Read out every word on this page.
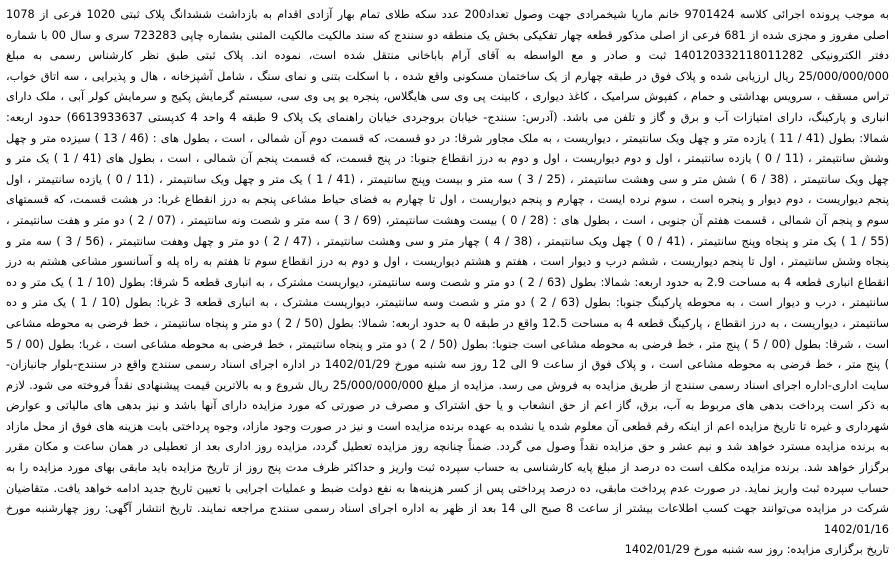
به موجب پرونده اجرائی کلاسه 9701424 خانم ماریا شیخمرادی جهت وصول تعداد200 عدد سکه طلای تمام بهار آزادی اقدام به بازداشت ششدانگ پلاک ثبتی 1020 فرعی از 1078 اصلی مفروز و مجزی شده از 681 فرعی از اصلی مذکور قطعه چهار تفکیکی بخش یک منطقه دو سنندج که سند مالکیت مالکیت المثنی بشماره چاپی 723283 سری و سال 00 با شماره دفتر الکترونیکی 140120332118011282 ثبت و صادر و مع الواسطه به آقای آرام باباخانی منتقل شده است، نموده اند. پلاک ثبتی طبق نظر کارشناس رسمی به مبلغ 25/000/000/000 ریال ارزیابی شده و پلاک فوق در طبقه چهارم از یک ساختمان مسکونی واقع شده ، با اسکلت بتنی و نمای سنگ ، شامل آشپزخانه ، هال و پذیرایی ، سه اتاق خواب، تراس مسقف ، سرویس بهداشتی و حمام ، کفپوش سرامیک ، کاغذ دیواری ، کابینت پی وی سی هایگلاس، پنجره یو پی وی سی، سیستم گرمایش پکیج و سرمایش کولر آبی ، ملک دارای انباری و پارکینگ، دارای امتیازات آب و برق و گاز و تلفن می باشد. (آدرس: سنندج- خیابان بروجردی خیابان راهنمای یک پلاک 9 طبقه 4 واحد 4 کدپستی 6613933637) حدود اربعه: شمالا: بطول (41 / 11 ) یازده متر و چهل ویک سانتیمتر ، دیواریست ، به ملک مجاور شرقا: در دو قسمت، که قسمت دوم آن شمالی ، است ، بطول های : (46 / 13 ) سیزده متر و چهل وشش سانتیمتر ، (11 / 0 ) یازده سانتیمتر ، اول و دوم دیواریست ، اول و دوم به درز انقطاع جنوبا: در پنج قسمت، که قسمت پنجم آن شمالی ، است ، بطول های (41 / 1 ) یک متر و چهل ویک سانتیمتر ، (38 / 6 ) شش متر و سی وهشت سانتیمتر ، (25 / 3 ) سه متر و بیست وپنج سانتیمتر ، (41 / 1 ) یک متر و چهل ویک سانتیمتر ، (11 / 0 ) یازده سانتیمتر ، اول پنجم دیواریست ، دوم دیوار و پنجره است ، سوم نرده ایست ، چهارم و پنجم دیواریست ، اول تا چهارم به فضای حیاط مشاعی پنجم به درز انقطاع غربا: در هشت قسمت، که قسمتهای سوم و پنجم آن شمالی ، قسمت هفتم آن جنوبی ، است ، بطول های : (28 / 0 ) بیست وهشت سانتیمتر، (69 / 3 ) سه متر و شصت ونه سانتیمتر ، (07 / 2 ) دو متر و هفت سانتیمتر ، (55 / 1 ) یک متر و پنجاه وپنج سانتیمتر ، (41 / 0 ) چهل ویک سانتیمتر ، (38 / 4 ) چهار متر و سی وهشت سانتیمتر ، (47 / 2 ) دو متر و چهل وهفت سانتیمتر ، (56 / 3 ) سه متر و پنجاه وشش سانتیمتر ، اول تا پنجم دیواریست ، ششم درب و دیوار است ، هفتم و هشتم دیواریست ، اول و دوم به درز انقطاع سوم تا هفتم به راه پله و آسانسور مشاعی هشتم به درز انقطاع انباری قطعه 4 به مساحت 2.9 به حدود اربعه: شمالا: بطول (63 / 2 ) دو متر و شصت وسه سانتیمتر، دیواریست مشترک ، به انباری قطعه 5 شرقا: بطول (10 / 1 ) یک متر و ده سانتیمتر ، درب و دیوار است ، به محوطه پارکینگ جنوبا: بطول (63 / 2 ) دو متر و شصت وسه سانتیمتر، دیواریست مشترک ، به انباری قطعه 3 غربا: بطول (10 / 1 ) یک متر و ده سانتیمتر ، دیواریست ، به درز انقطاع ، پارکینگ قطعه 4 به مساحت 12.5 واقع در طبقه 0 به حدود اربعه: شمالا: بطول (50 / 2 ) دو متر و پنجاه سانتیمتر ، خط فرضی به محوطه مشاعی است ، شرقا: بطول (00 / 5 ) پنج متر ، خط فرضی به محوطه مشاعی است جنوبا: بطول (50 / 2 ) دو متر و پنجاه سانتیمتر ، خط فرضی به محوطه مشاعی است ، غربا: بطول (00 / 5 ) پنج متر ، خط فرضی به محوطه مشاعی است ، و پلاک فوق از ساعت 9 الی 12 روز سه شنبه مورخ 1402/01/29 در اداره اجرای اسناد رسمی سنندج واقع در سنندج-بلوار جانبازان-سایت اداری-اداره اجرای اسناد رسمی سنندج از طریق مزایده به فروش می رسد. مزایده از مبلغ 25/000/000/000 ریال شروع و به بالاترین قیمت پیشنهادی نقداً فروخته می شود. لازم به ذکر است پرداخت بدهی های مربوط به آب، برق، گاز اعم از حق انشعاب و یا حق اشتراک و مصرف در صورتی که مورد مزایده دارای آنها باشد و نیز بدهی های مالیاتی و عوارض شهرداری و غیره تا تاریخ مزایده اعم از اینکه رقم قطعی آن معلوم شده یا نشده به عهده برنده مزایده است و نیز در صورت وجود مازاد، وجوه پرداختی بابت هزینه های فوق از محل مازاد به برنده مزایده مسترد خواهد شد و نیم عشر و حق مزایده نقداً وصول می گردد. ضمناً چنانچه روز مزایده تعطیل گردد، مزایده روز اداری بعد از تعطیلی در همان ساعت و مکان مقرر برگزار خواهد شد. برنده مزایده مکلف است ده درصد از مبلغ پایه کارشناسی به حساب سپرده ثبت واریز و حداکثر ظرف مدت پنج روز از تاریخ مزایده باید مابقی بهای مورد مزایده را به حساب سپرده ثبت واریز نماید. در صورت عدم پرداخت مابقی، ده درصد پرداختی پس از کسر هزینه‌ها به نفع دولت ضبط و عملیات اجرایی با تعیین تاریخ جدید ادامه خواهد یافت. متقاضیان شرکت در مزایده می‌توانند جهت کسب اطلاعات بیشتر از ساعت 8 صبح الی 14 بعد از ظهر به اداره اجرای اسناد رسمی سنندج مراجعه نمایند. تاریخ انتشار آگهی: روز چهارشنبه مورخ 1402/01/16

تاریخ برگزاری مزایده: روز سه شنبه مورخ 1402/01/29
